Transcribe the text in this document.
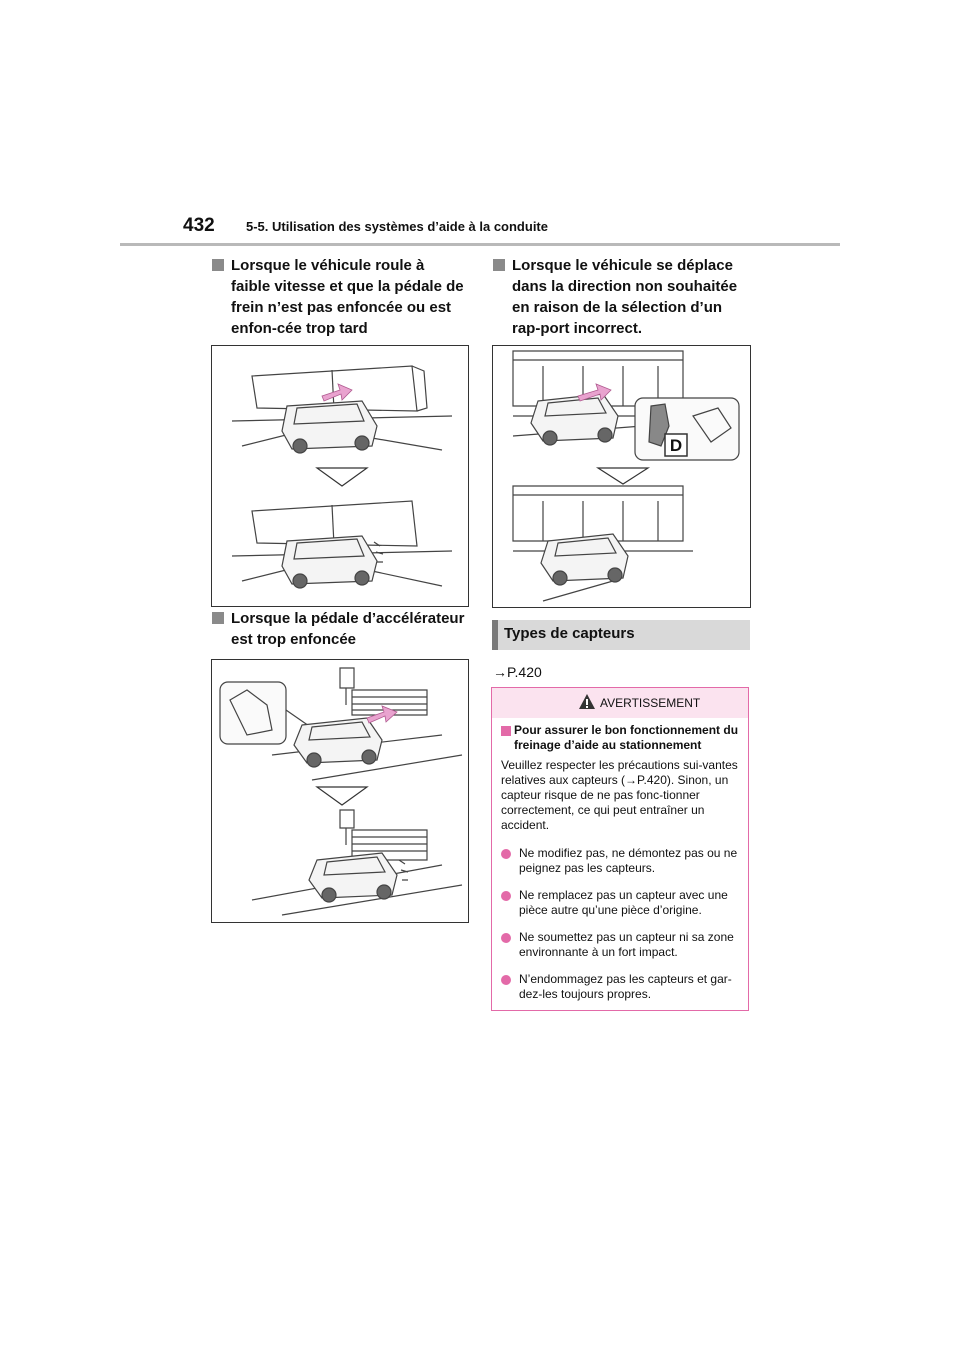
432 5-5. Utilisation des systèmes d’aide à la conduite
Lorsque le véhicule roule à faible vitesse et que la pédale de frein n’est pas enfoncée ou est enfon-cée trop tard
Lorsque la pédale d’accélérateur est trop enfoncée
Lorsque le véhicule se déplace dans la direction non souhaitée en raison de la sélection d’un rap-port incorrect.
D
Types de capteurs
→P.420
AVERTISSEMENT
Pour assurer le bon fonctionnement du freinage d’aide au stationnement
Veuillez respecter les précautions sui-vantes relatives aux capteurs (→P.420). Sinon, un capteur risque de ne pas fonc-tionner correctement, ce qui peut entraîner un accident.
Ne modifiez pas, ne démontez pas ou ne peignez pas les capteurs.
Ne remplacez pas un capteur avec une pièce autre qu’une pièce d’origine.
Ne soumettez pas un capteur ni sa zone environnante à un fort impact.
N’endommagez pas les capteurs et gar-dez-les toujours propres.
